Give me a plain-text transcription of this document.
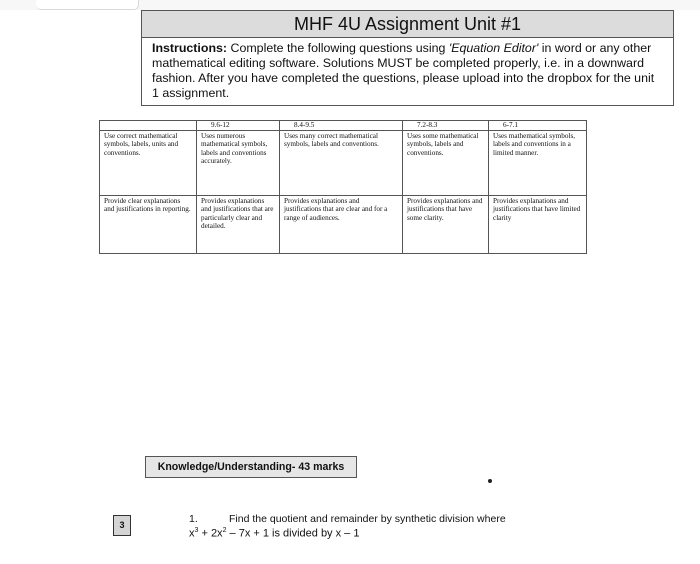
MHF 4U Assignment Unit #1
Instructions: Complete the following questions using 'Equation Editor' in word or any other mathematical editing software. Solutions MUST be completed properly, i.e. in a downward fashion. After you have completed the questions, please upload into the dropbox for the unit 1 assignment.

	9.6-12	8.4-9.5	7.2-8.3	6-7.1

Use correct mathematical symbols, labels, units and conventions.	Uses numerous mathematical symbols, labels and conventions accurately.	Uses many correct mathematical symbols, labels and conventions.	Uses some mathematical symbols, labels and conventions.	Uses mathematical symbols, labels and conventions in a limited manner.
Provide clear explanations and justifications in reporting.	Provides explanations and justifications that are particularly clear and detailed.	Provides explanations and justifications that are clear and for a range of audiences.	Provides explanations and justifications that have some clarity.	Provides explanations and justifications that have limited clarity
Knowledge/Understanding- 43 marks
3	1.	Find the quotient and remainder by synthetic division where
$x^3 + 2x^2 - 7x + 1$ is divided by x – 1
